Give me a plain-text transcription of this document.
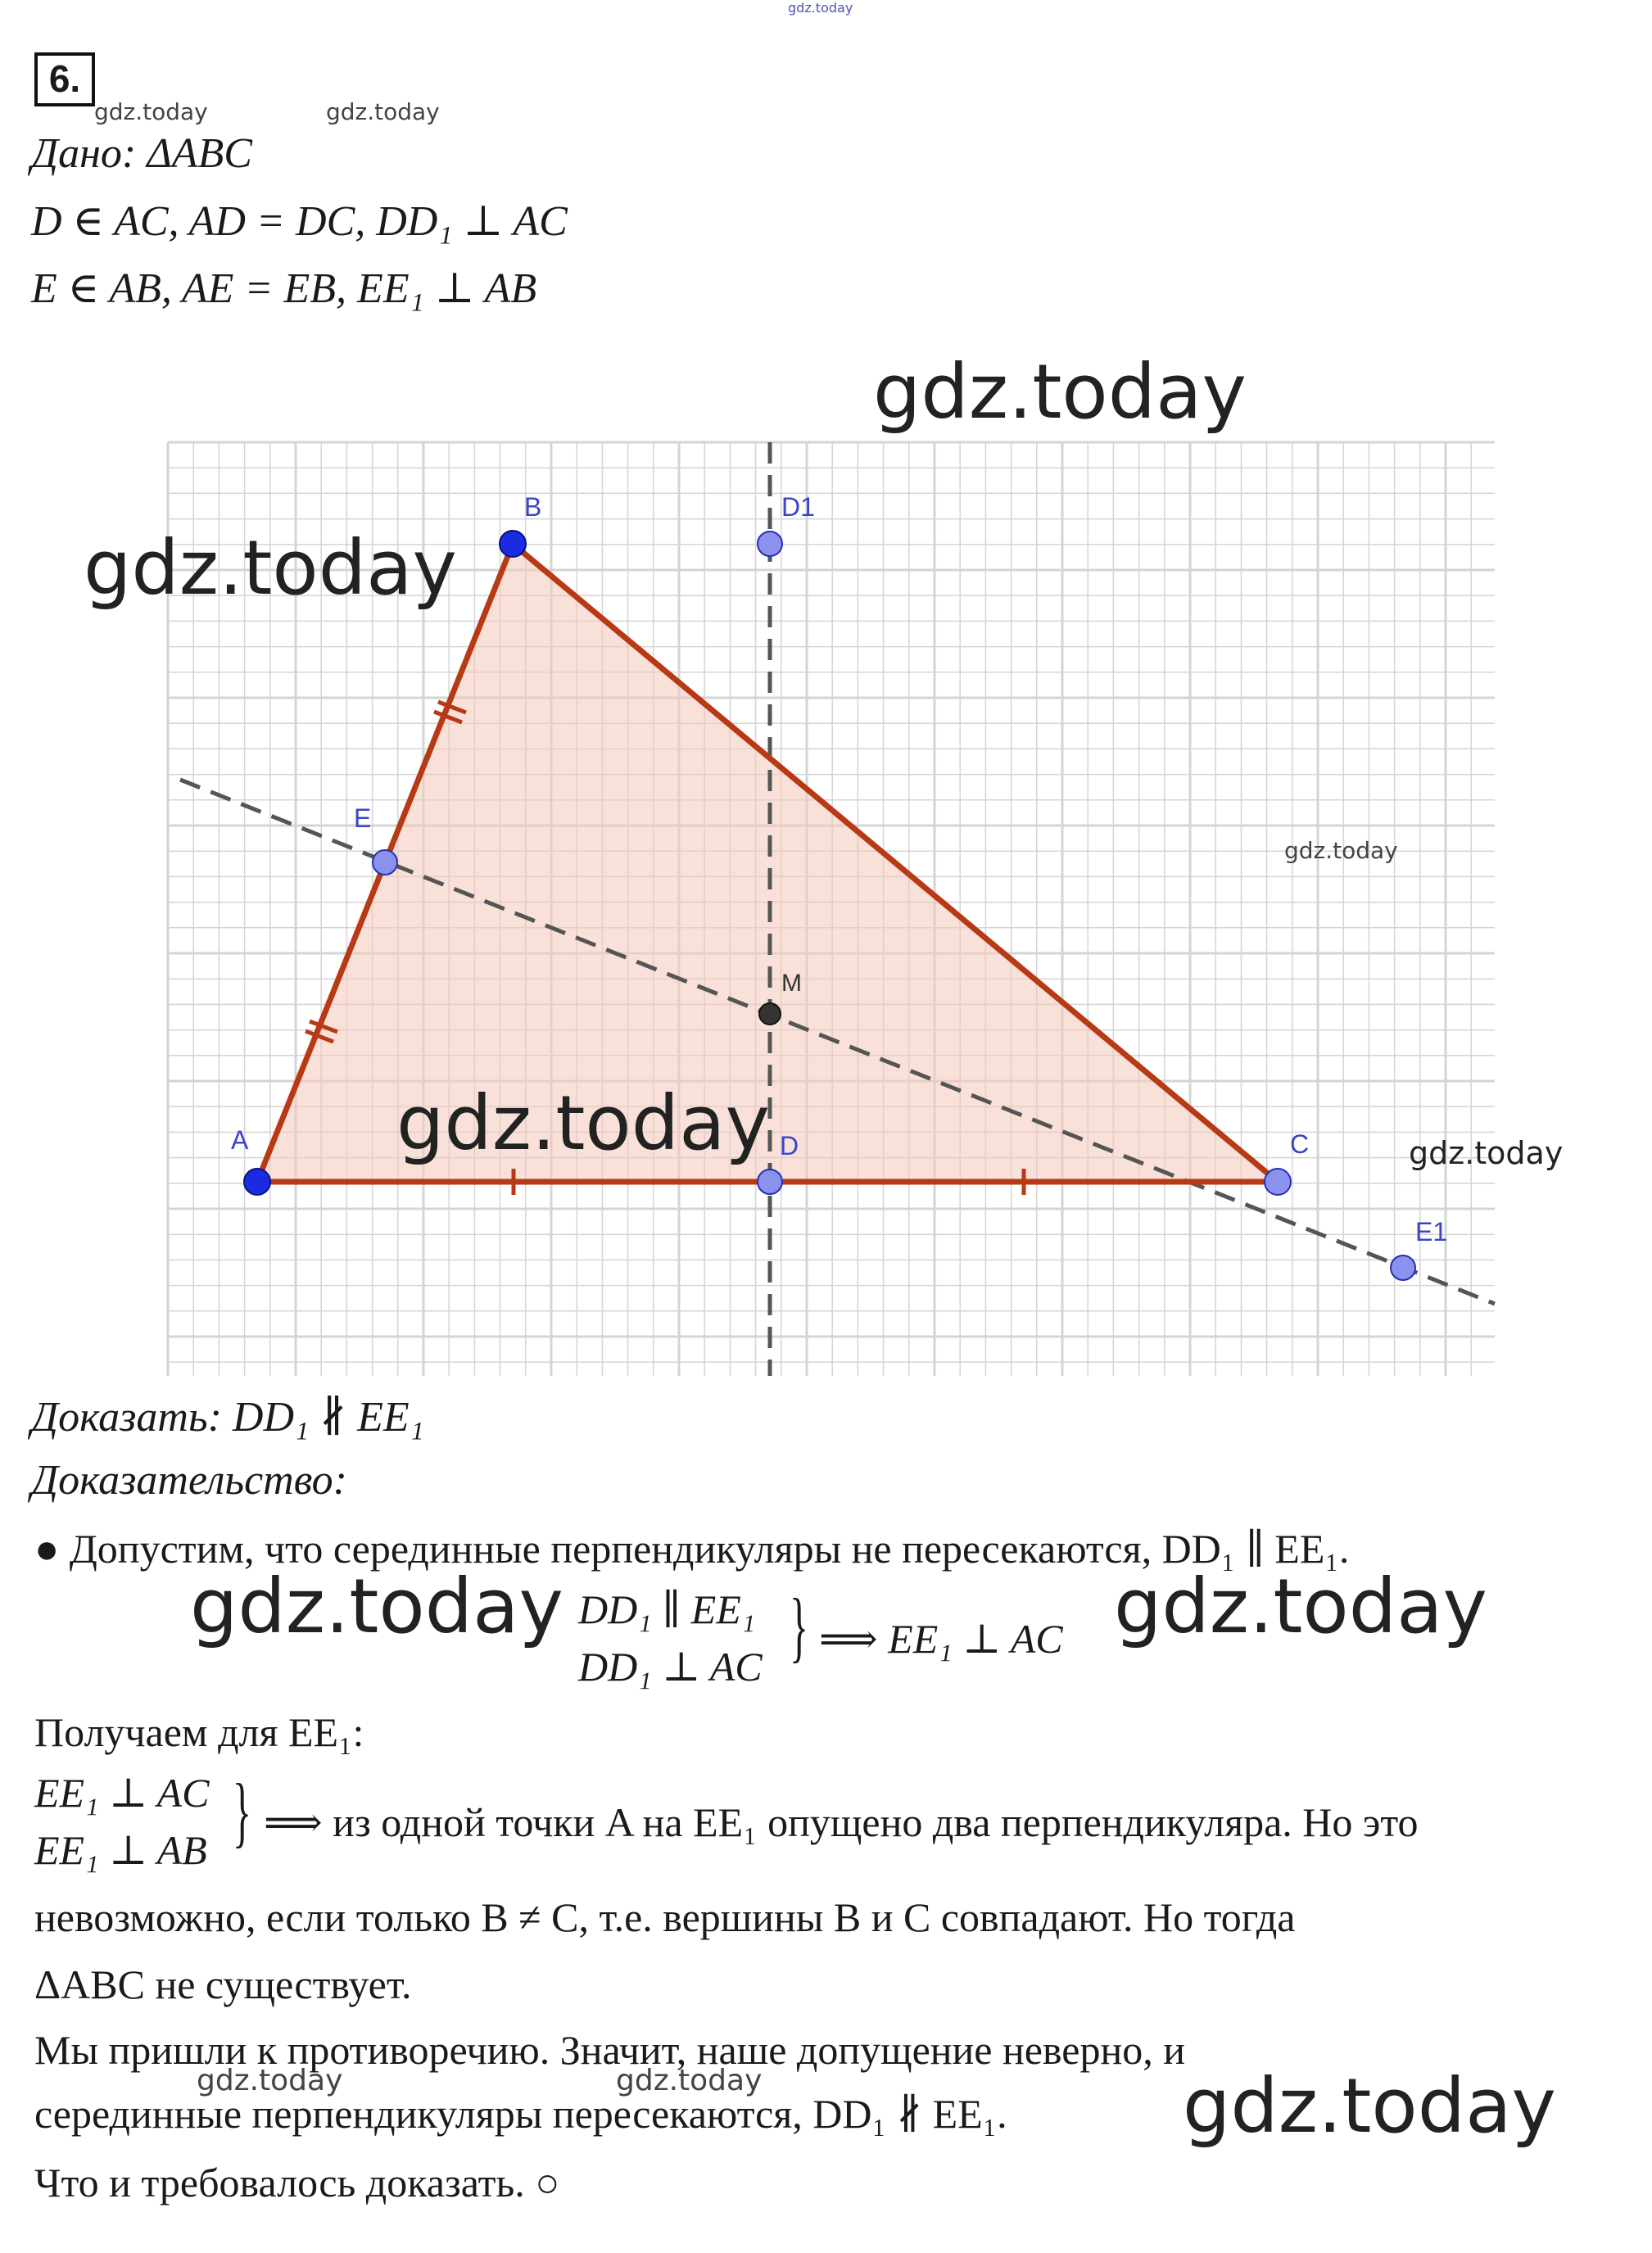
gdz.today
6.
gdz.today	gdz.today
Дано: ΔABC
D ∈ AC, AD = DC, DD₁ ⊥ AC
E ∈ AB, AE = EB, EE₁ ⊥ AB
gdz.today
A
B
C
D
D1
E
E1
M
gdz.today
gdz.today
gdz.today	gdz.today
Доказать: DD₁ ∦ EE₁
Доказательство:
● Допустим, что серединные перпендикуляры не пересекаются, DD₁ ∥ EE₁.
gdz.today DD₁ ∥ EE₁
DD₁ ⊥ AC } ⟹ EE₁ ⊥ AC gdz.today
Получаем для EE₁:
EE₁ ⊥ AC
EE₁ ⊥ AB } ⟹ из одной точки A на EE₁ опущено два перпендикуляра. Но это
невозможно, если только B ≠ C, т.е. вершины B и C совпадают. Но тогда
ΔABC не существует.
Мы пришли к противоречию. Значит, наше допущение неверно, и
gdz.today	gdz.today
серединные перпендикуляры пересекаются, DD₁ ∦ EE₁. gdz.today
Что и требовалось доказать. ○
